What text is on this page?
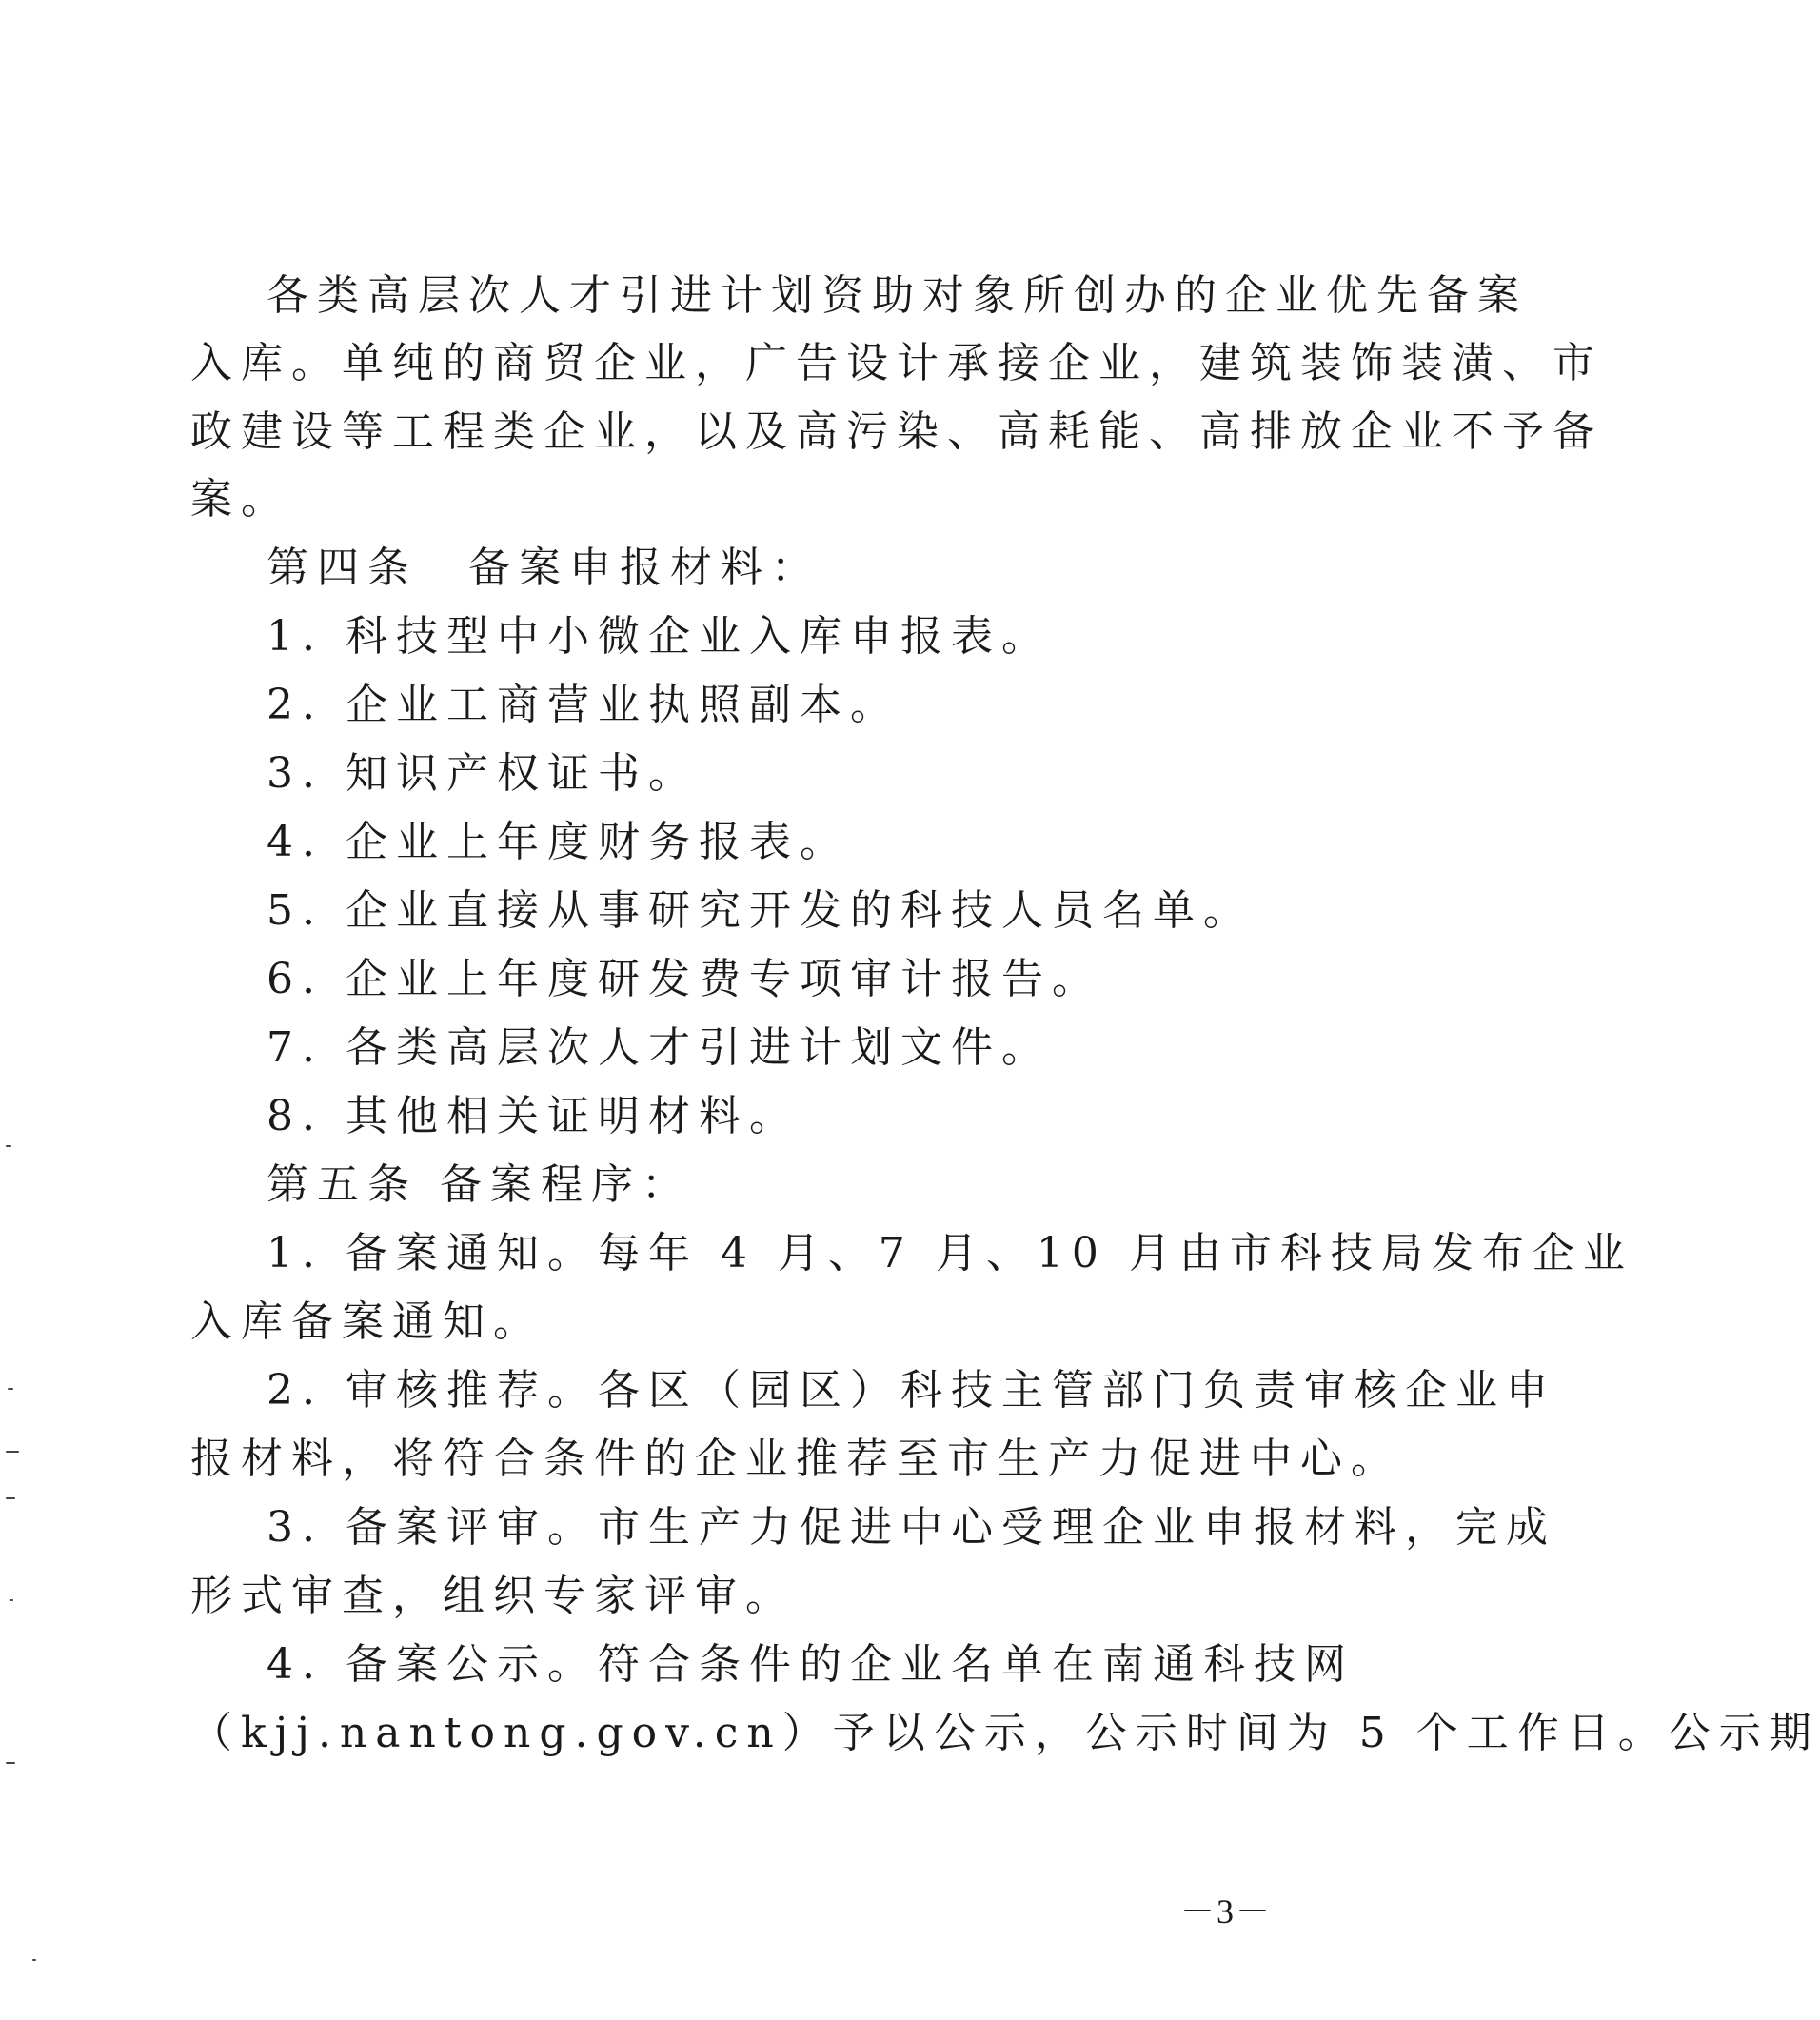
各类高层次人才引进计划资助对象所创办的企业优先备案
入库。单纯的商贸企业，广告设计承接企业，建筑装饰装潢、市
政建设等工程类企业，以及高污染、高耗能、高排放企业不予备
案。
第四条　备案申报材料：
1. 科技型中小微企业入库申报表。
2. 企业工商营业执照副本。
3. 知识产权证书。
4. 企业上年度财务报表。
5. 企业直接从事研究开发的科技人员名单。
6. 企业上年度研发费专项审计报告。
7. 各类高层次人才引进计划文件。
8. 其他相关证明材料。
第五条 备案程序：
1. 备案通知。每年 4 月、7 月、10 月由市科技局发布企业
入库备案通知。
2. 审核推荐。各区（园区）科技主管部门负责审核企业申
报材料，将符合条件的企业推荐至市生产力促进中心。
3. 备案评审。市生产力促进中心受理企业申报材料，完成
形式审查，组织专家评审。
4. 备案公示。符合条件的企业名单在南通科技网
（kjj.nantong.gov.cn）予以公示，公示时间为 5 个工作日。公示期
－3－
